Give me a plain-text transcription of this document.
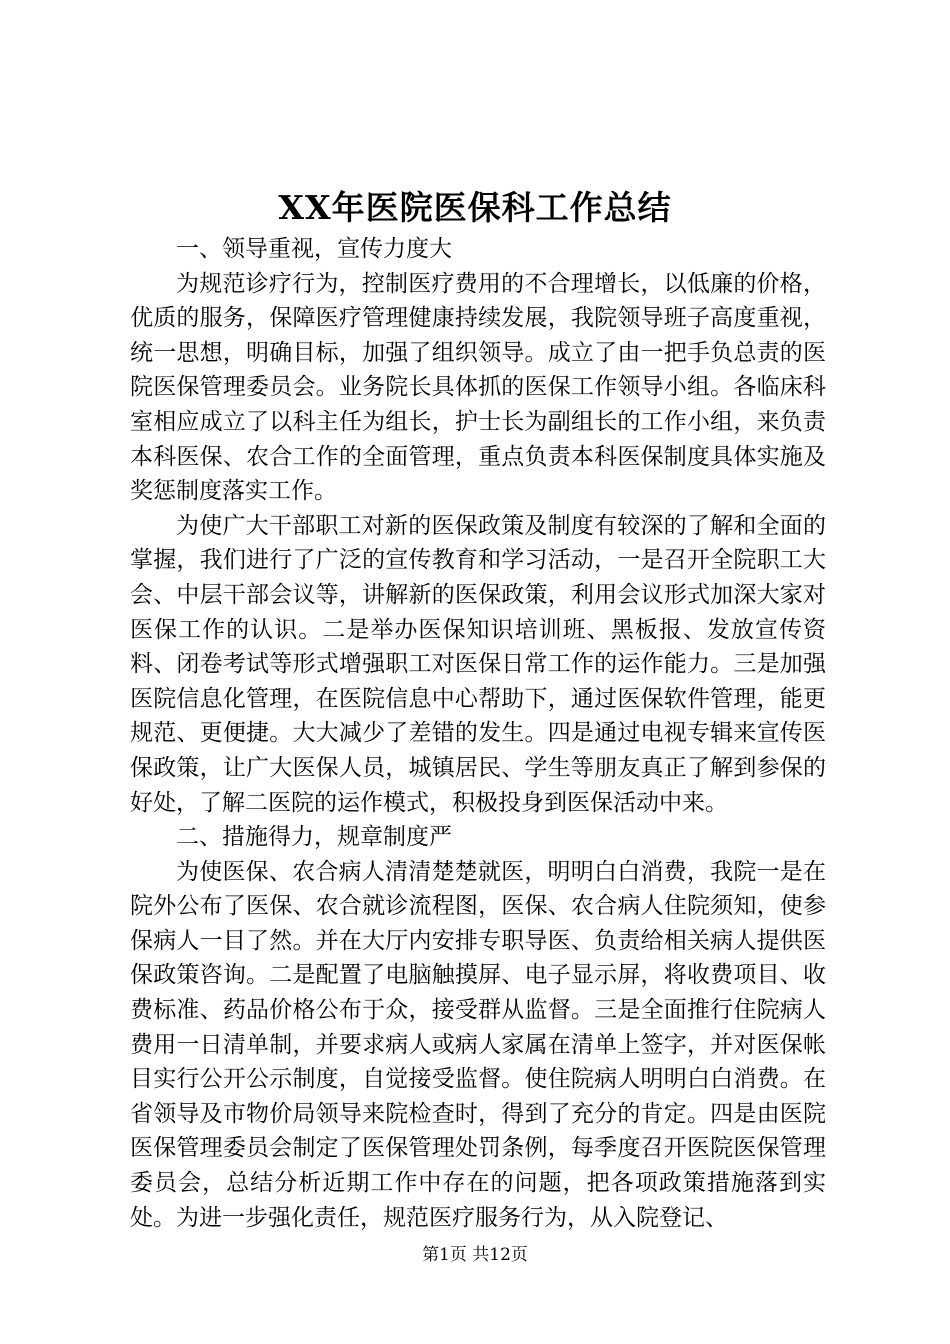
XX年医院医保科工作总结

一、领导重视，宣传力度大

为规范诊疗行为，控制医疗费用的不合理增长，以低廉的价格，优质的服务，保障医疗管理健康持续发展，我院领导班子高度重视，统一思想，明确目标，加强了组织领导。成立了由一把手负总责的医院医保管理委员会。业务院长具体抓的医保工作领导小组。各临床科室相应成立了以科主任为组长，护士长为副组长的工作小组，来负责本科医保、农合工作的全面管理，重点负责本科医保制度具体实施及奖惩制度落实工作。

为使广大干部职工对新的医保政策及制度有较深的了解和全面的掌握，我们进行了广泛的宣传教育和学习活动，一是召开全院职工大会、中层干部会议等，讲解新的医保政策，利用会议形式加深大家对医保工作的认识。二是举办医保知识培训班、黑板报、发放宣传资料、闭卷考试等形式增强职工对医保日常工作的运作能力。三是加强医院信息化管理，在医院信息中心帮助下，通过医保软件管理，能更规范、更便捷。大大减少了差错的发生。四是通过电视专辑来宣传医保政策，让广大医保人员，城镇居民、学生等朋友真正了解到参保的好处，了解二医院的运作模式，积极投身到医保活动中来。

二、措施得力，规章制度严

为使医保、农合病人清清楚楚就医，明明白白消费，我院一是在院外公布了医保、农合就诊流程图，医保、农合病人住院须知，使参保病人一目了然。并在大厅内安排专职导医、负责给相关病人提供医保政策咨询。二是配置了电脑触摸屏、电子显示屏，将收费项目、收费标准、药品价格公布于众，接受群从监督。三是全面推行住院病人费用一日清单制，并要求病人或病人家属在清单上签字，并对医保帐目实行公开公示制度，自觉接受监督。使住院病人明明白白消费。在省领导及市物价局领导来院检查时，得到了充分的肯定。四是由医院医保管理委员会制定了医保管理处罚条例，每季度召开医院医保管理委员会，总结分析近期工作中存在的问题，把各项政策措施落到实处。为进一步强化责任，规范医疗服务行为，从入院登记、

第1页 共12页
